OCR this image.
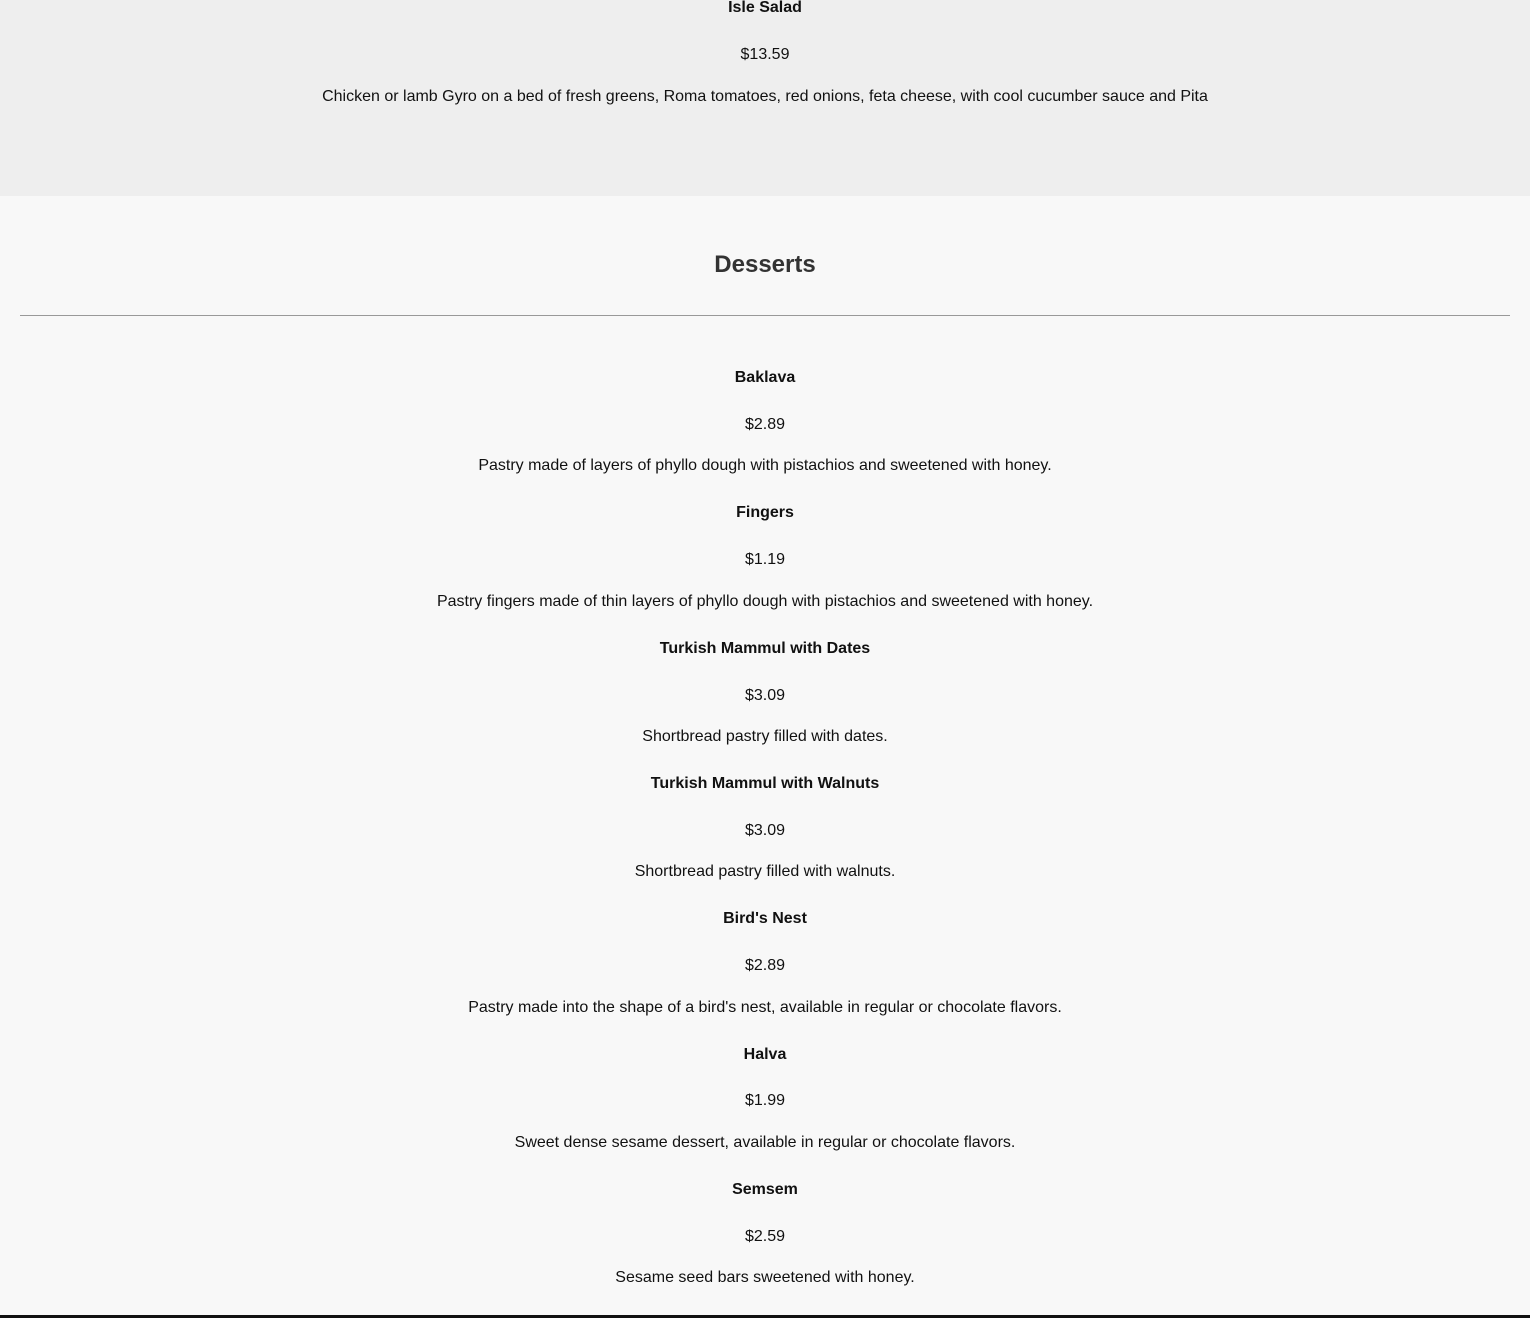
Isle Salad
$13.59
Chicken or lamb Gyro on a bed of fresh greens, Roma tomatoes, red onions, feta cheese, with cool cucumber sauce and Pita
Desserts
Baklava
$2.89
Pastry made of layers of phyllo dough with pistachios and sweetened with honey.
Fingers
$1.19
Pastry fingers made of thin layers of phyllo dough with pistachios and sweetened with honey.
Turkish Mammul with Dates
$3.09
Shortbread pastry filled with dates.
Turkish Mammul with Walnuts
$3.09
Shortbread pastry filled with walnuts.
Bird's Nest
$2.89
Pastry made into the shape of a bird's nest, available in regular or chocolate flavors.
Halva
$1.99
Sweet dense sesame dessert, available in regular or chocolate flavors.
Semsem
$2.59
Sesame seed bars sweetened with honey.
